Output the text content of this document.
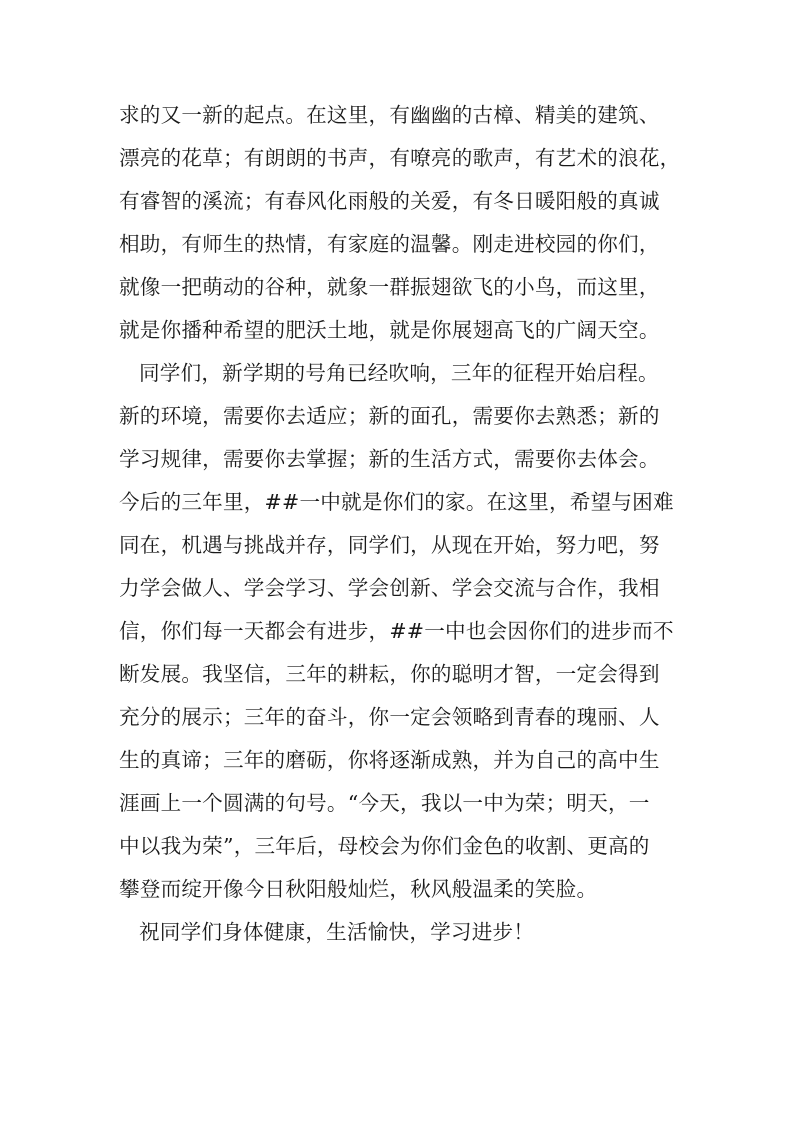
求的又一新的起点。在这里，有幽幽的古樟、精美的建筑、
漂亮的花草；有朗朗的书声，有嘹亮的歌声，有艺术的浪花，
有睿智的溪流；有春风化雨般的关爱，有冬日暖阳般的真诚
相助，有师生的热情，有家庭的温馨。刚走进校园的你们，
就像一把萌动的谷种，就象一群振翅欲飞的小鸟，而这里，
就是你播种希望的肥沃土地，就是你展翅高飞的广阔天空。
同学们，新学期的号角已经吹响，三年的征程开始启程。
新的环境，需要你去适应；新的面孔，需要你去熟悉；新的
学习规律，需要你去掌握；新的生活方式，需要你去体会。
今后的三年里，##一中就是你们的家。在这里，希望与困难
同在，机遇与挑战并存，同学们，从现在开始，努力吧，努
力学会做人、学会学习、学会创新、学会交流与合作，我相
信，你们每一天都会有进步，##一中也会因你们的进步而不
断发展。我坚信，三年的耕耘，你的聪明才智，一定会得到
充分的展示；三年的奋斗，你一定会领略到青春的瑰丽、人
生的真谛；三年的磨砺，你将逐渐成熟，并为自己的高中生
涯画上一个圆满的句号。“今天，我以一中为荣；明天，一
中以我为荣”，三年后，母校会为你们金色的收割、更高的
攀登而绽开像今日秋阳般灿烂，秋风般温柔的笑脸。
祝同学们身体健康，生活愉快，学习进步！
